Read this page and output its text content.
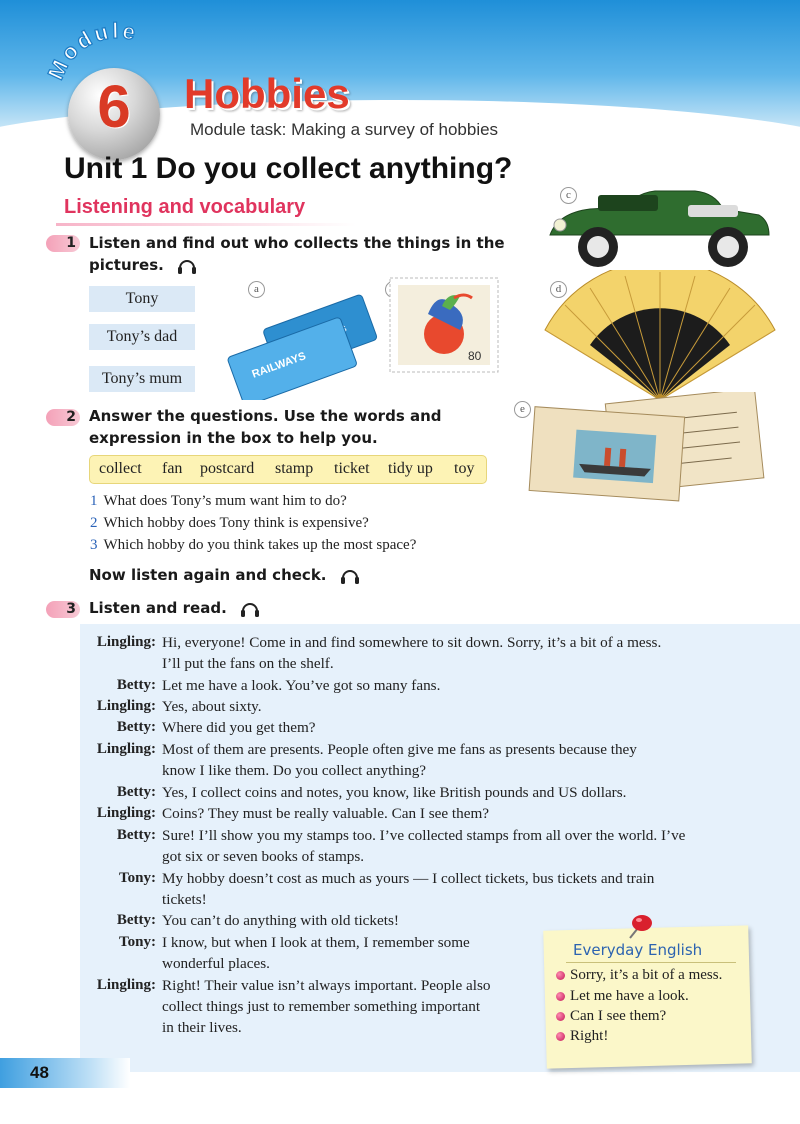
Module
6	Hobbies
Module task: Making a survey of hobbies
Unit 1 Do you collect anything?
Listening and vocabulary
1 Listen and find out who collects the things in the
pictures.
Tony
Tony’s dad
Tony’s mum
a
RAILWAYS	80
c
d
e
2 Answer the questions. Use the words and
expression in the box to help you.
collect fan postcard stamp ticket tidy up toy
1 What does Tony’s mum want him to do?
2 Which hobby does Tony think is expensive?
3 Which hobby do you think takes up the most space?
Now listen again and check.
3 Listen and read.
Lingling: Hi, everyone! Come in and find somewhere to sit down. Sorry, it’s a bit of a mess.
I’ll put the fans on the shelf.
Betty: Let me have a look. You’ve got so many fans.
Lingling: Yes, about sixty.
Betty: Where did you get them?
Lingling: Most of them are presents. People often give me fans as presents because they
know I like them. Do you collect anything?
Betty: Yes, I collect coins and notes, you know, like British pounds and US dollars.
Lingling: Coins? They must be really valuable. Can I see them?
Betty: Sure! I’ll show you my stamps too. I’ve collected stamps from all over the world. I’ve
got six or seven books of stamps.
Tony: My hobby doesn’t cost as much as yours — I collect tickets, bus tickets and train
tickets!
Betty: You can’t do anything with old tickets!
Tony: I know, but when I look at them, I remember some
wonderful places.
Lingling: Right! Their value isn’t always important. People also
collect things just to remember something important
in their lives.
Everyday English
Sorry, it’s a bit of a mess.
Let me have a look.
Can I see them?
Right!
48
